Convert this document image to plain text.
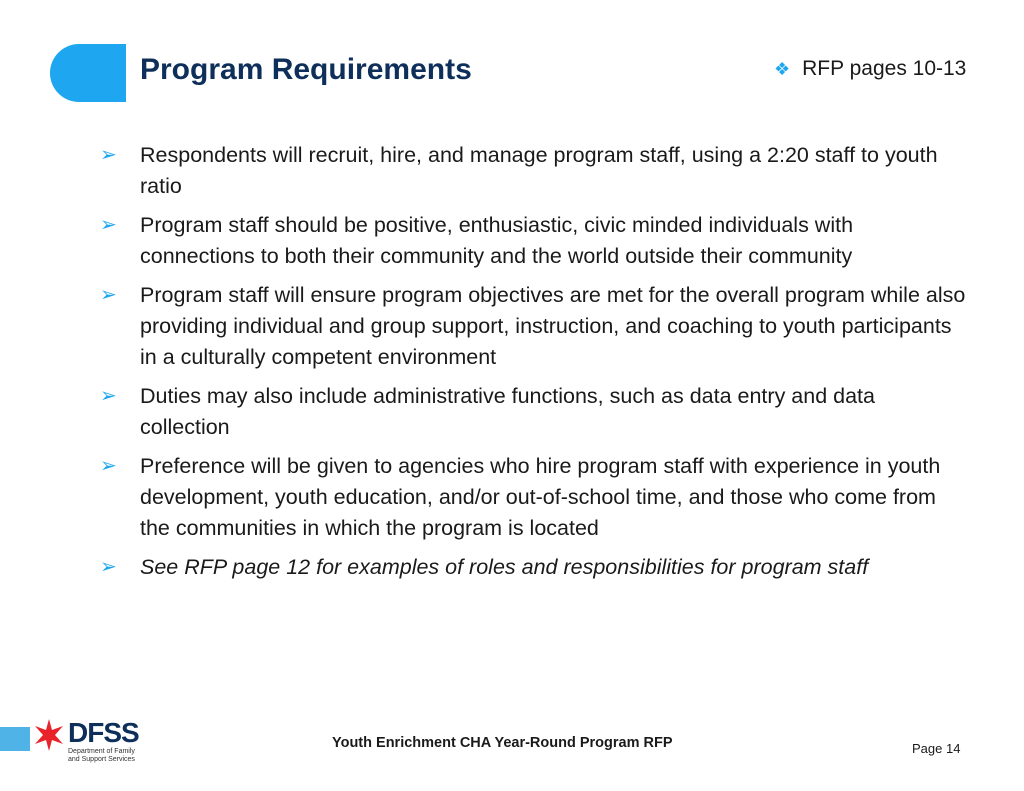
Program Requirements	❖ RFP pages 10-13
➢	Respondents will recruit, hire, and manage program staff, using a 2:20 staff to youth ratio
➢	Program staff should be positive, enthusiastic, civic minded individuals with connections to both their community and the world outside their community
➢	Program staff will ensure program objectives are met for the overall program while also providing individual and group support, instruction, and coaching to youth participants in a culturally competent environment
➢	Duties may also include administrative functions, such as data entry and data collection
➢	Preference will be given to agencies who hire program staff with experience in youth development, youth education, and/or out-of-school time, and those who come from the communities in which the program is located
➢	See RFP page 12 for examples of roles and responsibilities for program staff
DFSS
Department of Family and Support Services
Youth Enrichment CHA Year-Round Program RFP	Page 14
